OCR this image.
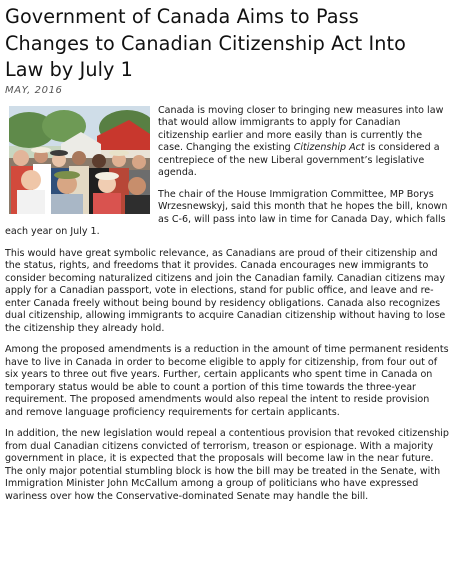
Government of Canada Aims to Pass Changes to Canadian Citizenship Act Into Law by July 1
MAY, 2016

Canada is moving closer to bringing new measures into law that would allow immigrants to apply for Canadian citizenship earlier and more easily than is currently the case. Changing the existing Citizenship Act is considered a centrepiece of the new Liberal government’s legislative agenda.

The chair of the House Immigration Committee, MP Borys Wrzesnewskyj, said this month that he hopes the bill, known as C-6, will pass into law in time for Canada Day, which falls each year on July 1.

This would have great symbolic relevance, as Canadians are proud of their citizenship and the status, rights, and freedoms that it provides. Canada encourages new immigrants to consider becoming naturalized citizens and join the Canadian family. Canadian citizens may apply for a Canadian passport, vote in elections, stand for public office, and leave and re-enter Canada freely without being bound by residency obligations. Canada also recognizes dual citizenship, allowing immigrants to acquire Canadian citizenship without having to lose the citizenship they already hold.

Among the proposed amendments is a reduction in the amount of time permanent residents have to live in Canada in order to become eligible to apply for citizenship, from four out of six years to three out five years. Further, certain applicants who spent time in Canada on temporary status would be able to count a portion of this time towards the three-year requirement. The proposed amendments would also repeal the intent to reside provision and remove language proficiency requirements for certain applicants.

In addition, the new legislation would repeal a contentious provision that revoked citizenship from dual Canadian citizens convicted of terrorism, treason or espionage. With a majority government in place, it is expected that the proposals will become law in the near future. The only major potential stumbling block is how the bill may be treated in the Senate, with Immigration Minister John McCallum among a group of politicians who have expressed wariness over how the Conservative-dominated Senate may handle the bill.
